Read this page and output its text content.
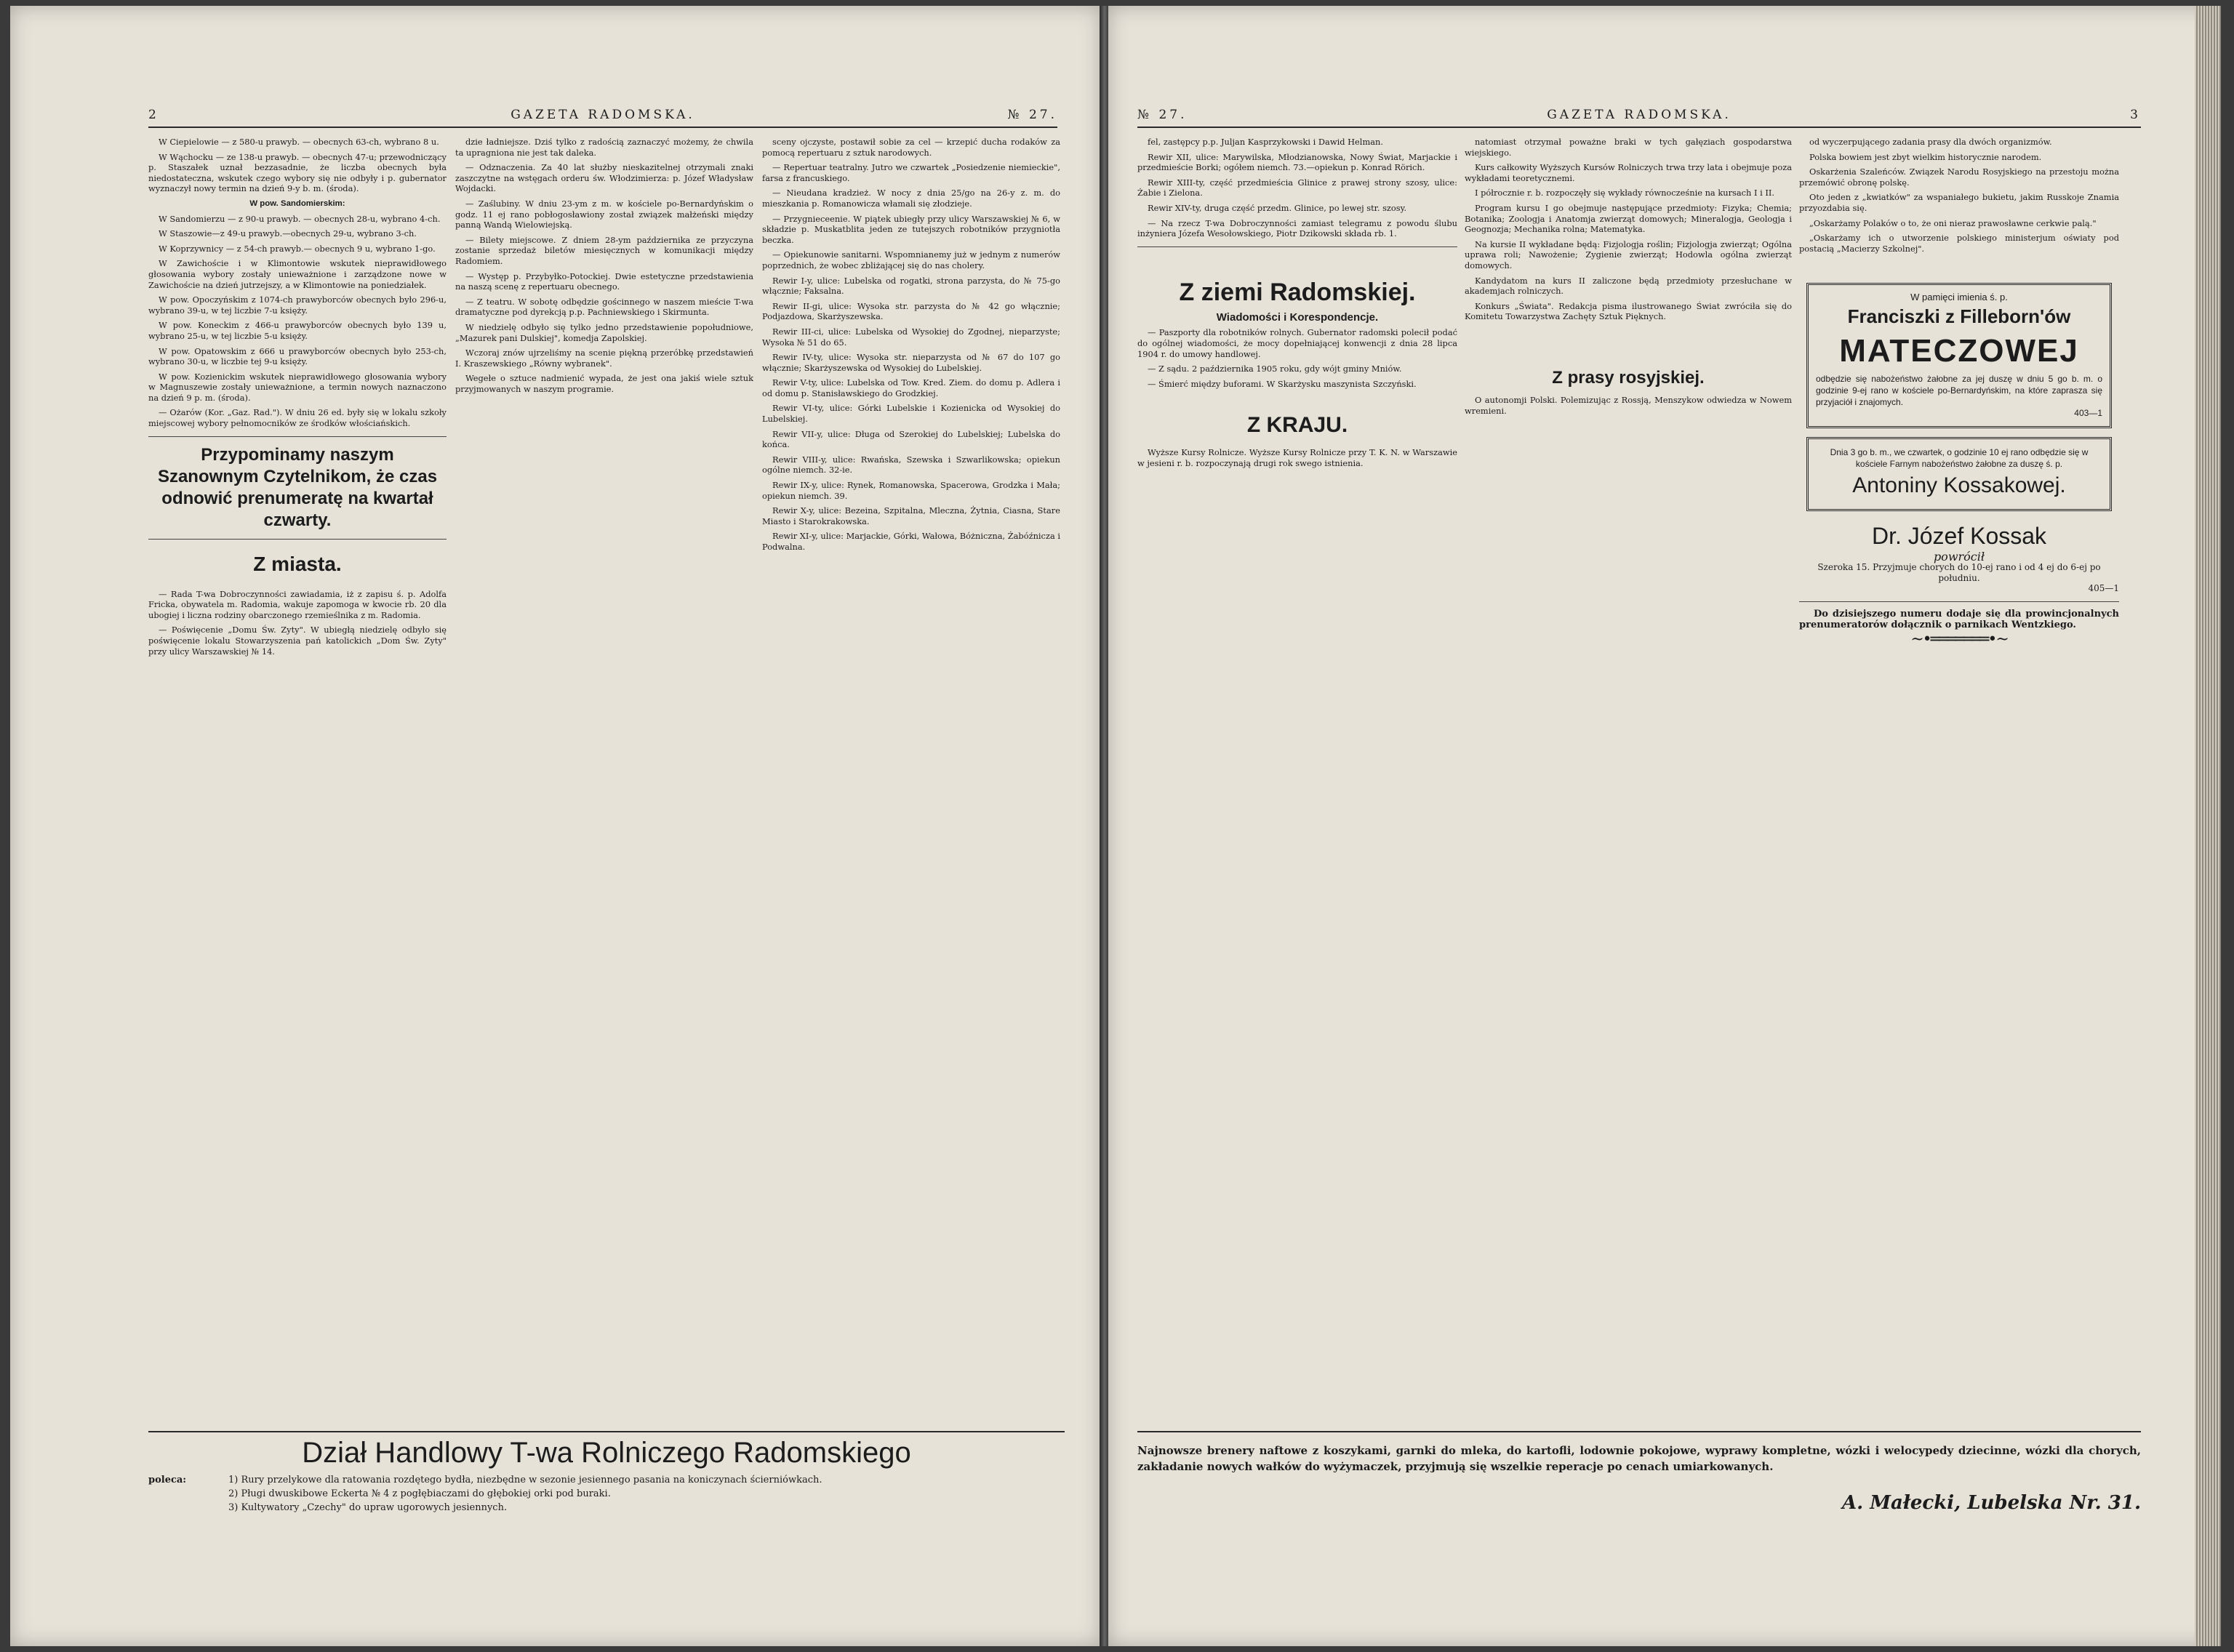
2	GAZETA RADOMSKA.	№ 27.

W Ciepielowie — z 580-u prawyb. — obecnych 63-ch, wybrano 8 u.

W Wąchocku — ze 138-u prawyb. — obecnych 47-u; przewodniczący p. Staszałek uznał bezzasadnie, że liczba obecnych była niedostateczna, wskutek czego wybory się nie odbyły i p. gubernator wyznaczył nowy termin na dzień 9-y b. m. (środa).

W pow. Sandomierskim:

W Sandomierzu — z 90-u prawyb. — obecnych 28-u, wybrano 4-ch.

W Staszowie—z 49-u prawyb.—obecnych 29-u, wybrano 3-ch.

W Koprzywnicy — z 54-ch prawyb.— obecnych 9 u, wybrano 1-go.

W Zawichoście i w Klimontowie wskutek nieprawidłowego głosowania wybory zostały unieważnione i zarządzone nowe w Zawichoście na dzień jutrzejszy, a w Klimontowie na poniedziałek.

W pow. Opoczyńskim z 1074-ch prawyborców obecnych było 296-u, wybrano 39-u, w tej liczbie 7-u księży.

W pow. Koneckim z 466-u prawyborców obecnych było 139 u, wybrano 25-u, w tej liczbie 5-u księży.

W pow. Opatowskim z 666 u prawyborców obecnych było 253-ch, wybrano 30-u, w liczbie tej 9-u księży.

W pow. Kozienickim wskutek nieprawidłowego głosowania wybory w Magnuszewie zostały unieważnione, a termin nowych naznaczono na dzień 9 p. m. (środa).

— Ożarów (Kor. „Gaz. Rad."). W dniu 26 ed. były się w lokalu szkoły miejscowej wybory pełnomocników ze środków włościańskich.

Przypominamy naszym Szanownym Czytelnikom, że czas odnowić prenumeratę na kwartał czwarty.

Z miasta.

— Rada T-wa Dobroczynności zawiadamia, iż z zapisu ś. p. Adolfa Fricka, obywatela m. Radomia, wakuje zapomoga w kwocie rb. 20 dla ubogiej i liczna rodziny obarczonego rzemieślnika z m. Radomia.

— Poświęcenie „Domu Św. Zyty". W ubiegłą niedzielę odbyło się poświęcenie lokalu Stowarzyszenia pań katolickich „Dom Św. Zyty" przy ulicy Warszawskiej № 14.

dzie ładniejsze. Dziś tylko z radością zaznaczyć możemy, że chwila ta upragniona nie jest tak daleka.

— Odznaczenia. Za 40 lat służby nieskazitelnej otrzymali znaki zaszczytne na wstęgach orderu św. Włodzimierza: p. Józef Władysław Wojdacki.

— Zaślubiny. W dniu 23-ym z m. w kościele po-Bernardyńskim o godz. 11 ej rano pobłogosławiony został związek małżeński między panną Wandą Wielowiejską.

— Bilety miejscowe. Z dniem 28-ym października ze przyczyna zostanie sprzedaż biletów miesięcznych w komunikacji między Radomiem.

— Występ p. Przybyłko-Potockiej. Dwie estetyczne przedstawienia na naszą scenę z repertuaru obecnego.

— Z teatru. W sobotę odbędzie gościnnego w naszem mieście T-wa dramatyczne pod dyrekcją p.p. Pachniewskiego i Skirmunta.

W niedzielę odbyło się tylko jedno przedstawienie popołudniowe, „Mazurek pani Dulskiej", komedja Zapolskiej.

Wczoraj znów ujrzeliśmy na scenie piękną przeróbkę przedstawień I. Kraszewskiego „Równy wybranek".

Wegełe o sztuce nadmienić wypada, że jest ona jakiś wiele sztuk przyjmowanych w naszym programie.

sceny ojczyste, postawił sobie za cel — krzepić ducha rodaków za pomocą repertuaru z sztuk narodowych.

— Repertuar teatralny. Jutro we czwartek „Posiedzenie niemieckie", farsa z francuskiego.

— Nieudana kradzież. W nocy z dnia 25/go na 26-y z. m. do mieszkania p. Romanowicza włamali się złodzieje.

— Przygnieceenie. W piątek ubiegły przy ulicy Warszawskiej № 6, w składzie p. Muskatblita jeden ze tutejszych robotników przygniotła beczka.

— Opiekunowie sanitarni. Wspomnianemy już w jednym z numerów poprzednich, że wobec zbliżającej się do nas cholery.

Rewir I-y, ulice: Lubelska od rogatki, strona parzysta, do № 75-go włącznie; Faksalna.

Rewir II-gi, ulice: Wysoka str. parzysta do № 42 go włącznie; Podjazdowa, Skarżyszewska.

Rewir III-ci, ulice: Lubelska od Wysokiej do Zgodnej, nieparzyste; Wysoka № 51 do 65.

Rewir IV-ty, ulice: Wysoka str. nieparzysta od № 67 do 107 go włącznie; Skarżyszewska od Wysokiej do Lubelskiej.

Rewir V-ty, ulice: Lubelska od Tow. Kred. Ziem. do domu p. Adlera i od domu p. Stanisławskiego do Grodzkiej.

Rewir VI-ty, ulice: Górki Lubelskie i Kozienicka od Wysokiej do Lubelskiej.

Rewir VII-y, ulice: Długa od Szerokiej do Lubelskiej; Lubelska do końca.

Rewir VIII-y, ulice: Rwańska, Szewska i Szwarlikowska; opiekun ogólne niemch. 32-ie.

Rewir IX-y, ulice: Rynek, Romanowska, Spacerowa, Grodzka i Mała; opiekun niemch. 39.

Rewir X-y, ulice: Bezeina, Szpitalna, Mleczna, Żytnia, Ciasna, Stare Miasto i Starokrakowska.

Rewir XI-y, ulice: Marjackie, Górki, Wałowa, Bóżniczna, Żabóźnicza i Podwalna.

Dział Handlowy T-wa Rolniczego Radomskiego
poleca:	1) Rury przelykowe dla ratowania rozdętego bydła, niezbędne w sezonie jesiennego pasania na koniczynach ścierniówkach.
2) Pługi dwuskibowe Eckerta № 4 z pogłębiaczami do głębokiej orki pod buraki.
3) Kultywatory „Czechy" do upraw ugorowych jesiennych.
№ 27.	GAZETA RADOMSKA.	3

fel, zastępcy p.p. Juljan Kasprzykowski i Dawid Helman.

Rewir XII, ulice: Marywilska, Młodzianowska, Nowy Świat, Marjackie i przedmieście Borki; ogółem niemch. 73.—opiekun p. Konrad Rörich.

Rewir XIII-ty, część przedmieścia Glinice z prawej strony szosy, ulice: Żabie i Zielona.

Rewir XIV-ty, druga część przedm. Glinice, po lewej str. szosy.

— Na rzecz T-wa Dobroczynności zamiast telegramu z powodu ślubu inżyniera Józefa Wesołowskiego, Piotr Dzikowski składa rb. 1.

Z ziemi Radomskiej.

Wiadomości i Korespondencje.

— Paszporty dla robotników rolnych. Gubernator radomski polecił podać do ogólnej wiadomości, że mocy dopełniającej konwencji z dnia 28 lipca 1904 r. do umowy handlowej.

— Z sądu. 2 października 1905 roku, gdy wójt gminy Mniów.

— Śmierć między buforami. W Skarżysku maszynista Szczyński.

Z KRAJU.

Wyższe Kursy Rolnicze. Wyższe Kursy Rolnicze przy T. K. N. w Warszawie w jesieni r. b. rozpoczynają drugi rok swego istnienia.

natomiast otrzymał poważne braki w tych gałęziach gospodarstwa wiejskiego.

Kurs całkowity Wyższych Kursów Rolniczych trwa trzy lata i obejmuje poza wykładami teoretycznemi.

I półrocznie r. b. rozpoczęły się wykłady równocześnie na kursach I i II.

Program kursu I go obejmuje następujące przedmioty: Fizyka; Chemia; Botanika; Zoologja i Anatomja zwierząt domowych; Mineralogja, Geologja i Geognozja; Mechanika rolna; Matematyka.

Na kursie II wykładane będą: Fizjologja roślin; Fizjologja zwierząt; Ogólna uprawa roli; Nawożenie; Zygienie zwierząt; Hodowla ogólna zwierząt domowych.

Kandydatom na kurs II zaliczone będą przedmioty przesłuchane w akademjach rolniczych.

Konkurs „Świata". Redakcja pisma ilustrowanego Świat zwróciła się do Komitetu Towarzystwa Zachęty Sztuk Pięknych.

Z prasy rosyjskiej.

O autonomji Polski. Polemizując z Rossją, Menszykow odwiedza w Nowem wremieni.

od wyczerpującego zadania prasy dla dwóch organizmów.

Polska bowiem jest zbyt wielkim historycznie narodem.

Oskarżenia Szaleńców. Związek Narodu Rosyjskiego na przestoju można przemówić obronę polskę.

Oto jeden z „kwiatków" za wspaniałego bukietu, jakim Russkoje Znamia przyozdabia się.

„Oskarżamy Polaków o to, że oni nieraz prawosławne cerkwie palą."

„Oskarżamy ich o utworzenie polskiego ministerjum oświaty pod postacią „Macierzy Szkolnej".

W pamięci imienia ś. p.
Franciszki z Filleborn'ów
MATECZOWEJ
odbędzie się nabożeństwo żałobne za jej duszę w dniu 5 go b. m. o godzinie 9-ej rano w kościele po-Bernardyńskim, na które zaprasza się przyjaciół i znajomych.
403—1
Dnia 3 go b. m., we czwartek, o godzinie 10 ej rano odbędzie się w kościele Farnym nabożeństwo żałobne za duszę ś. p.
Antoniny Kossakowej.
Dr. Józef Kossak
powrócił
Szeroka 15. Przyjmuje chorych do 10-ej rano i od 4 ej do 6-ej po południu.
405—1

Do dzisiejszego numeru dodaje się dla prowincjonalnych prenumeratorów dołącznik o parnikach Wentzkiego.

~•═══════•~
Najnowsze brenery naftowe z koszykami, garnki do mleka, do kartofli, lodownie pokojowe, wyprawy kompletne, wózki i welocypedy dziecinne, wózki dla chorych, zakładanie nowych wałków do wyżymaczek, przyjmują się wszelkie reperacje po cenach umiarkowanych.
A. Małecki, Lubelska Nr. 31.
